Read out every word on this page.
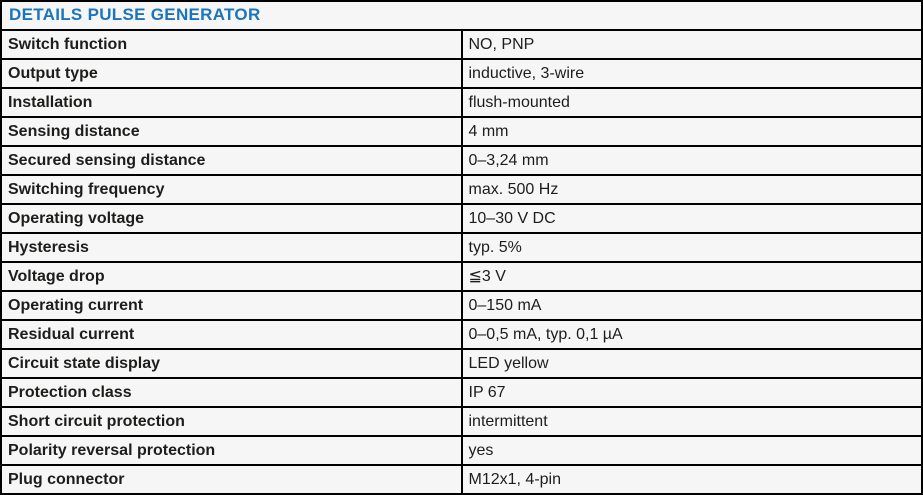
DETAILS PULSE GENERATOR	
Switch function	NO, PNP
Output type	inductive, 3-wire
Installation	flush-mounted
Sensing distance	4 mm
Secured sensing distance	0–3,24 mm
Switching frequency	max. 500 Hz
Operating voltage	10–30 V DC
Hysteresis	typ. 5%
Voltage drop	≦3 V
Operating current	0–150 mA
Residual current	0–0,5 mA, typ. 0,1 µA
Circuit state display	LED yellow
Protection class	IP 67
Short circuit protection	intermittent
Polarity reversal protection	yes
Plug connector	M12x1, 4-pin
